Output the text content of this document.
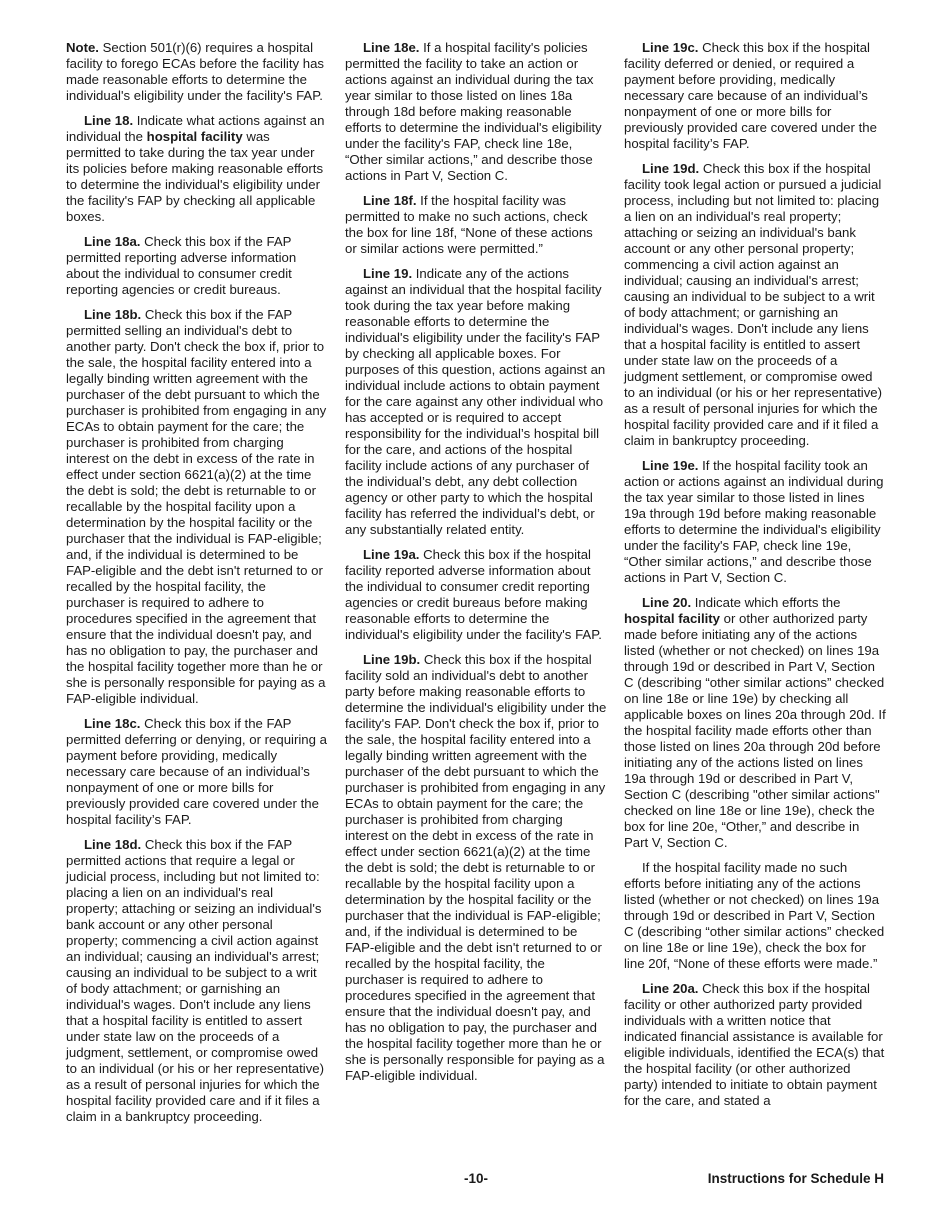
Note. Section 501(r)(6) requires a hospital facility to forego ECAs before the facility has made reasonable efforts to determine the individual's eligibility under the facility's FAP.

Line 18. Indicate what actions against an individual the hospital facility was permitted to take during the tax year under its policies before making reasonable efforts to determine the individual's eligibility under the facility's FAP by checking all applicable boxes.

Line 18a. Check this box if the FAP permitted reporting adverse information about the individual to consumer credit reporting agencies or credit bureaus.

Line 18b. Check this box if the FAP permitted selling an individual's debt to another party. Don't check the box if, prior to the sale, the hospital facility entered into a legally binding written agreement with the purchaser of the debt pursuant to which the purchaser is prohibited from engaging in any ECAs to obtain payment for the care; the purchaser is prohibited from charging interest on the debt in excess of the rate in effect under section 6621(a)(2) at the time the debt is sold; the debt is returnable to or recallable by the hospital facility upon a determination by the hospital facility or the purchaser that the individual is FAP-eligible; and, if the individual is determined to be FAP-eligible and the debt isn't returned to or recalled by the hospital facility, the purchaser is required to adhere to procedures specified in the agreement that ensure that the individual doesn't pay, and has no obligation to pay, the purchaser and the hospital facility together more than he or she is personally responsible for paying as a FAP-eligible individual.

Line 18c. Check this box if the FAP permitted deferring or denying, or requiring a payment before providing, medically necessary care because of an individual’s nonpayment of one or more bills for previously provided care covered under the hospital facility’s FAP.

Line 18d. Check this box if the FAP permitted actions that require a legal or judicial process, including but not limited to: placing a lien on an individual's real property; attaching or seizing an individual's bank account or any other personal property; commencing a civil action against an individual; causing an individual's arrest; causing an individual to be subject to a writ of body attachment; or garnishing an individual's wages. Don't include any liens that a hospital facility is entitled to assert under state law on the proceeds of a judgment, settlement, or compromise owed to an individual (or his or her representative) as a result of personal injuries for which the hospital facility provided care and if it files a claim in a bankruptcy proceeding.

Line 18e. If a hospital facility's policies permitted the facility to take an action or actions against an individual during the tax year similar to those listed on lines 18a through 18d before making reasonable efforts to determine the individual's eligibility under the facility's FAP, check line 18e, “Other similar actions,” and describe those actions in Part V, Section C.

Line 18f. If the hospital facility was permitted to make no such actions, check the box for line 18f, “None of these actions or similar actions were permitted.”

Line 19. Indicate any of the actions against an individual that the hospital facility took during the tax year before making reasonable efforts to determine the individual's eligibility under the facility's FAP by checking all applicable boxes. For purposes of this question, actions against an individual include actions to obtain payment for the care against any other individual who has accepted or is required to accept responsibility for the individual’s hospital bill for the care, and actions of the hospital facility include actions of any purchaser of the individual’s debt, any debt collection agency or other party to which the hospital facility has referred the individual’s debt, or any substantially related entity.

Line 19a. Check this box if the hospital facility reported adverse information about the individual to consumer credit reporting agencies or credit bureaus before making reasonable efforts to determine the individual's eligibility under the facility's FAP.

Line 19b. Check this box if the hospital facility sold an individual's debt to another party before making reasonable efforts to determine the individual's eligibility under the facility's FAP. Don't check the box if, prior to the sale, the hospital facility entered into a legally binding written agreement with the purchaser of the debt pursuant to which the purchaser is prohibited from engaging in any ECAs to obtain payment for the care; the purchaser is prohibited from charging interest on the debt in excess of the rate in effect under section 6621(a)(2) at the time the debt is sold; the debt is returnable to or recallable by the hospital facility upon a determination by the hospital facility or the purchaser that the individual is FAP-eligible; and, if the individual is determined to be FAP-eligible and the debt isn't returned to or recalled by the hospital facility, the purchaser is required to adhere to procedures specified in the agreement that ensure that the individual doesn't pay, and has no obligation to pay, the purchaser and the hospital facility together more than he or she is personally responsible for paying as a FAP-eligible individual.

Line 19c. Check this box if the hospital facility deferred or denied, or required a payment before providing, medically necessary care because of an individual’s nonpayment of one or more bills for previously provided care covered under the hospital facility’s FAP.

Line 19d. Check this box if the hospital facility took legal action or pursued a judicial process, including but not limited to: placing a lien on an individual's real property; attaching or seizing an individual's bank account or any other personal property; commencing a civil action against an individual; causing an individual's arrest; causing an individual to be subject to a writ of body attachment; or garnishing an individual's wages. Don't include any liens that a hospital facility is entitled to assert under state law on the proceeds of a judgment settlement, or compromise owed to an individual (or his or her representative) as a result of personal injuries for which the hospital facility provided care and if it filed a claim in bankruptcy proceeding.

Line 19e. If the hospital facility took an action or actions against an individual during the tax year similar to those listed in lines 19a through 19d before making reasonable efforts to determine the individual's eligibility under the facility's FAP, check line 19e, “Other similar actions,” and describe those actions in Part V, Section C.

Line 20. Indicate which efforts the hospital facility or other authorized party made before initiating any of the actions listed (whether or not checked) on lines 19a through 19d or described in Part V, Section C (describing “other similar actions” checked on line 18e or line 19e) by checking all applicable boxes on lines 20a through 20d. If the hospital facility made efforts other than those listed on lines 20a through 20d before initiating any of the actions listed on lines 19a through 19d or described in Part V, Section C (describing "other similar actions" checked on line 18e or line 19e), check the box for line 20e, “Other,” and describe in Part V, Section C.

If the hospital facility made no such efforts before initiating any of the actions listed (whether or not checked) on lines 19a through 19d or described in Part V, Section C (describing “other similar actions” checked on line 18e or line 19e), check the box for line 20f, “None of these efforts were made.”

Line 20a. Check this box if the hospital facility or other authorized party provided individuals with a written notice that indicated financial assistance is available for eligible individuals, identified the ECA(s) that the hospital facility (or other authorized party) intended to initiate to obtain payment for the care, and stated a

-10-	Instructions for Schedule H
